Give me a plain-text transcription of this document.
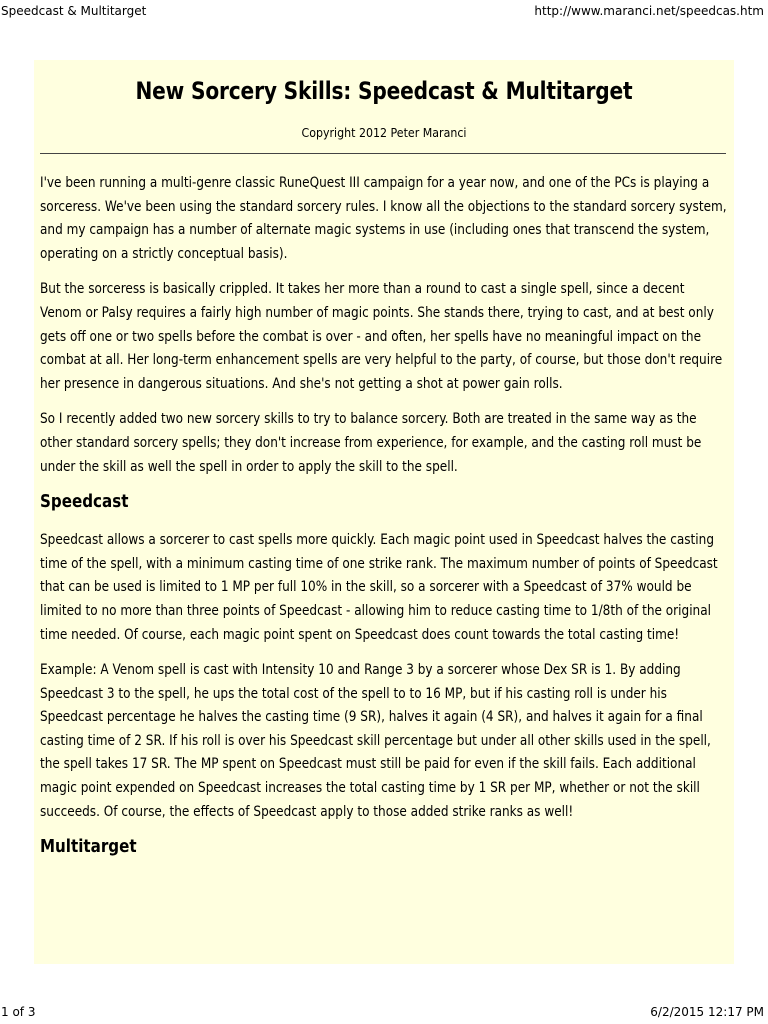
Speedcast & Multitarget	http://www.maranci.net/speedcas.htm
New Sorcery Skills: Speedcast & Multitarget
Copyright 2012 Peter Maranci

I've been running a multi-genre classic RuneQuest III campaign for a year now, and one of the PCs is playing a sorceress. We've been using the standard sorcery rules. I know all the objections to the standard sorcery system, and my campaign has a number of alternate magic systems in use (including ones that transcend the system, operating on a strictly conceptual basis).

But the sorceress is basically crippled. It takes her more than a round to cast a single spell, since a decent Venom or Palsy requires a fairly high number of magic points. She stands there, trying to cast, and at best only gets off one or two spells before the combat is over - and often, her spells have no meaningful impact on the combat at all. Her long-term enhancement spells are very helpful to the party, of course, but those don't require her presence in dangerous situations. And she's not getting a shot at power gain rolls.

So I recently added two new sorcery skills to try to balance sorcery. Both are treated in the same way as the other standard sorcery spells; they don't increase from experience, for example, and the casting roll must be under the skill as well the spell in order to apply the skill to the spell.

Speedcast

Speedcast allows a sorcerer to cast spells more quickly. Each magic point used in Speedcast halves the casting time of the spell, with a minimum casting time of one strike rank. The maximum number of points of Speedcast that can be used is limited to 1 MP per full 10% in the skill, so a sorcerer with a Speedcast of 37% would be limited to no more than three points of Speedcast - allowing him to reduce casting time to 1/8th of the original time needed. Of course, each magic point spent on Speedcast does count towards the total casting time!

Example: A Venom spell is cast with Intensity 10 and Range 3 by a sorcerer whose Dex SR is 1. By adding Speedcast 3 to the spell, he ups the total cost of the spell to to 16 MP, but if his casting roll is under his Speedcast percentage he halves the casting time (9 SR), halves it again (4 SR), and halves it again for a final casting time of 2 SR. If his roll is over his Speedcast skill percentage but under all other skills used in the spell, the spell takes 17 SR. The MP spent on Speedcast must still be paid for even if the skill fails. Each additional magic point expended on Speedcast increases the total casting time by 1 SR per MP, whether or not the skill succeeds. Of course, the effects of Speedcast apply to those added strike ranks as well!

Multitarget
1 of 3	6/2/2015 12:17 PM
